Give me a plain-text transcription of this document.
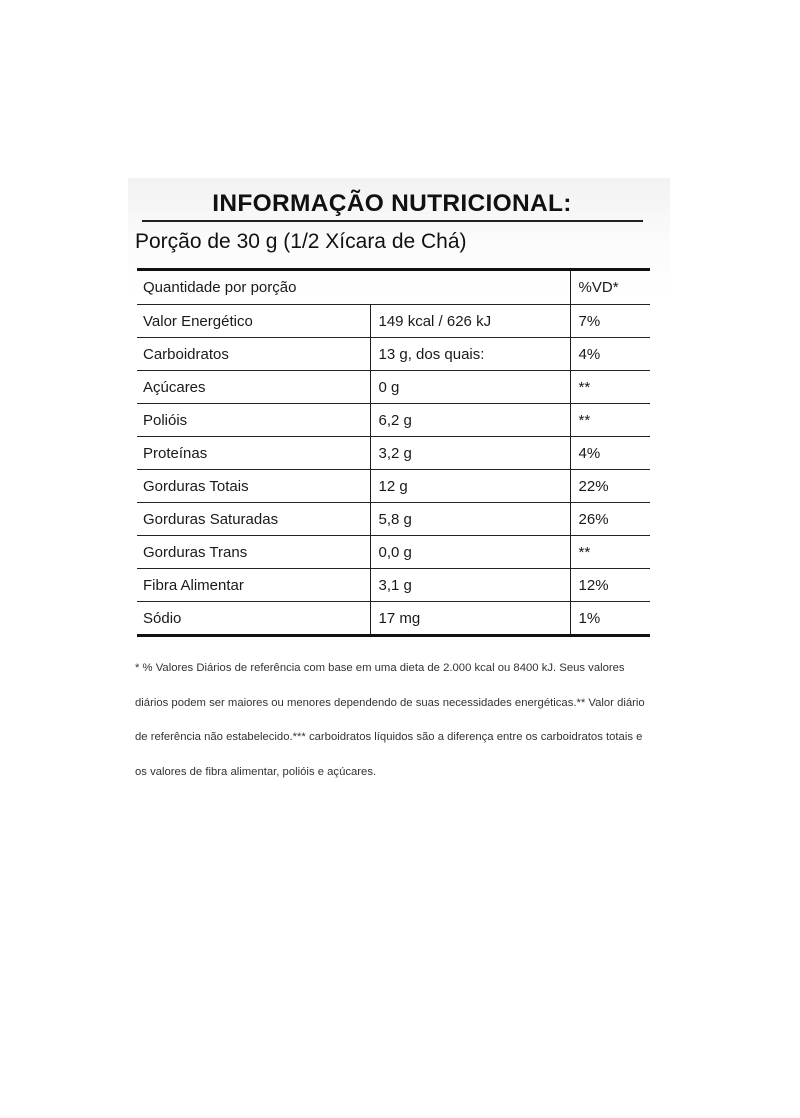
INFORMAÇÃO NUTRICIONAL:
Porção de 30 g (1/2 Xícara de Chá)
Quantidade por porção		%VD*
Valor Energético	149 kcal / 626 kJ	7%
Carboidratos	13 g, dos quais:	4%
Açúcares	0 g	**
Polióis	6,2 g	**
Proteínas	3,2 g	4%
Gorduras Totais	12 g	22%
Gorduras Saturadas	5,8 g	26%
Gorduras Trans	0,0 g	**
Fibra Alimentar	3,1 g	12%
Sódio	17 mg	1%
* % Valores Diários de referência com base em uma dieta de 2.000 kcal ou 8400 kJ. Seus valores diários podem ser maiores ou menores dependendo de suas necessidades energéticas.** Valor diário de referência não estabelecido.*** carboidratos líquidos são a diferença entre os carboidratos totais e os valores de fibra alimentar, polióis e açúcares.
